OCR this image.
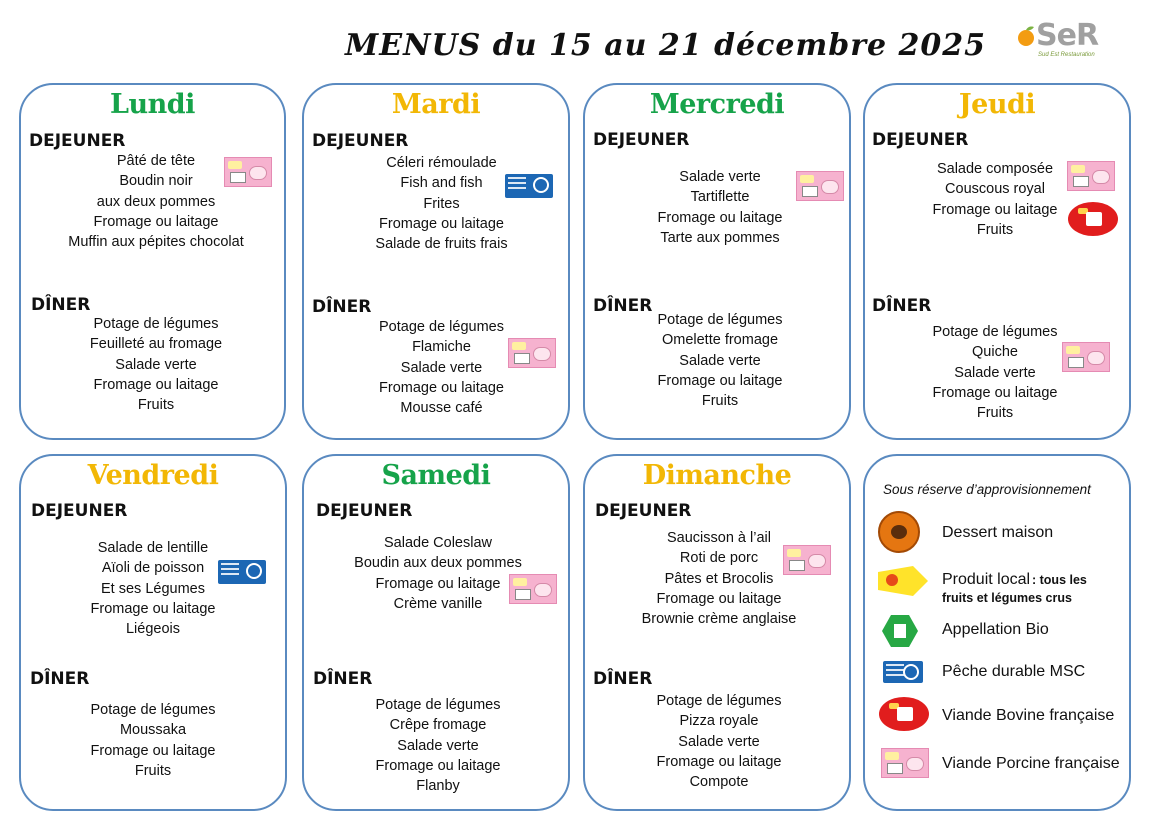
MENUS du 15 au 21 décembre 2025 SeR
Sud Est Restauration
Lundi
DEJEUNER
Pâté de tête
Boudin noir
aux deux pommes
Fromage ou laitage
Muffin aux pépites chocolat
DÎNER
Potage de légumes
Feuilleté au fromage
Salade verte
Fromage ou laitage
Fruits
Mardi
DEJEUNER
Céleri rémoulade
Fish and fish
Frites
Fromage ou laitage
Salade de fruits frais
DÎNER
Potage de légumes
Flamiche
Salade verte
Fromage ou laitage
Mousse café
Mercredi
DEJEUNER
Salade verte
Tartiflette
Fromage ou laitage
Tarte aux pommes
DÎNER
Potage de légumes
Omelette fromage
Salade verte
Fromage ou laitage
Fruits
Jeudi
DEJEUNER
Salade composée
Couscous royal
Fromage ou laitage
Fruits
DÎNER
Potage de légumes
Quiche
Salade verte
Fromage ou laitage
Fruits
Vendredi
DEJEUNER
Salade de lentille
Aïoli de poisson
Et ses Légumes
Fromage ou laitage
Liégeois
DÎNER
Potage de légumes
Moussaka
Fromage ou laitage
Fruits
Samedi
DEJEUNER
Salade Coleslaw
Boudin aux deux pommes
Fromage ou laitage
Crème vanille
DÎNER
Potage de légumes
Crêpe fromage
Salade verte
Fromage ou laitage
Flanby
Dimanche
DEJEUNER
Saucisson à l’ail
Roti de porc
Pâtes et Brocolis
Fromage ou laitage
Brownie crème anglaise
DÎNER
Potage de légumes
Pizza royale
Salade verte
Fromage ou laitage
Compote
Sous réserve d’approvisionnement
Dessert maison
Produit local : tous les fruits et légumes crus
Appellation Bio
Pêche durable MSC
Viande Bovine française
Viande Porcine française
